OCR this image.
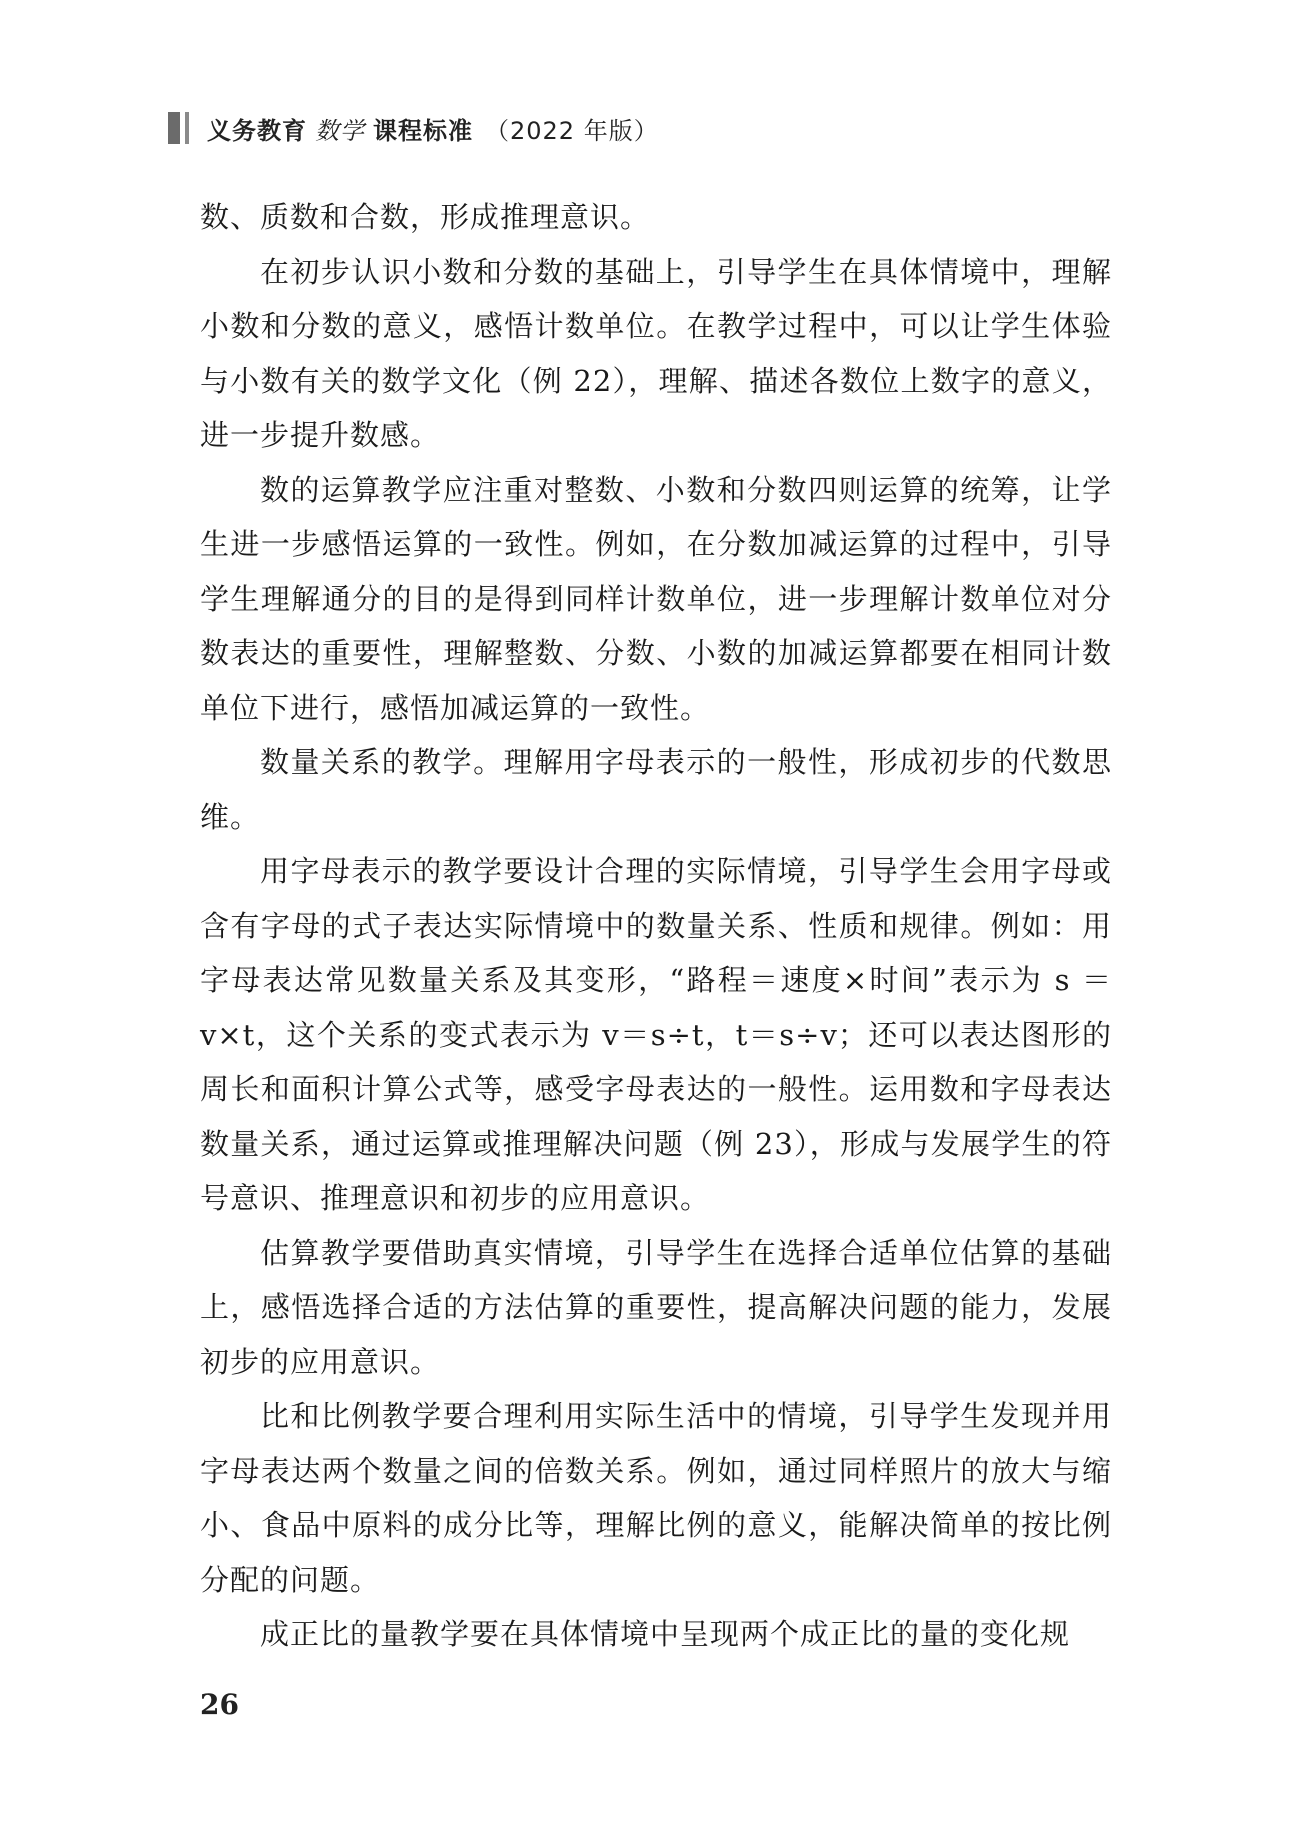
义务教育 数学 课程标准 （2022 年版）

数、质数和合数，形成推理意识。

在初步认识小数和分数的基础上，引导学生在具体情境中，理解小数和分数的意义，感悟计数单位。在教学过程中，可以让学生体验与小数有关的数学文化（例 22），理解、描述各数位上数字的意义，进一步提升数感。

数的运算教学应注重对整数、小数和分数四则运算的统筹，让学生进一步感悟运算的一致性。例如，在分数加减运算的过程中，引导学生理解通分的目的是得到同样计数单位，进一步理解计数单位对分数表达的重要性，理解整数、分数、小数的加减运算都要在相同计数单位下进行，感悟加减运算的一致性。

数量关系的教学。理解用字母表示的一般性，形成初步的代数思维。

用字母表示的教学要设计合理的实际情境，引导学生会用字母或含有字母的式子表达实际情境中的数量关系、性质和规律。例如：用字母表达常见数量关系及其变形，“路程＝速度×时间”表示为 s ＝ v×t，这个关系的变式表示为 v＝s÷t，t＝s÷v；还可以表达图形的周长和面积计算公式等，感受字母表达的一般性。运用数和字母表达数量关系，通过运算或推理解决问题（例 23），形成与发展学生的符号意识、推理意识和初步的应用意识。

估算教学要借助真实情境，引导学生在选择合适单位估算的基础上，感悟选择合适的方法估算的重要性，提高解决问题的能力，发展初步的应用意识。

比和比例教学要合理利用实际生活中的情境，引导学生发现并用字母表达两个数量之间的倍数关系。例如，通过同样照片的放大与缩小、食品中原料的成分比等，理解比例的意义，能解决简单的按比例分配的问题。

成正比的量教学要在具体情境中呈现两个成正比的量的变化规

26
